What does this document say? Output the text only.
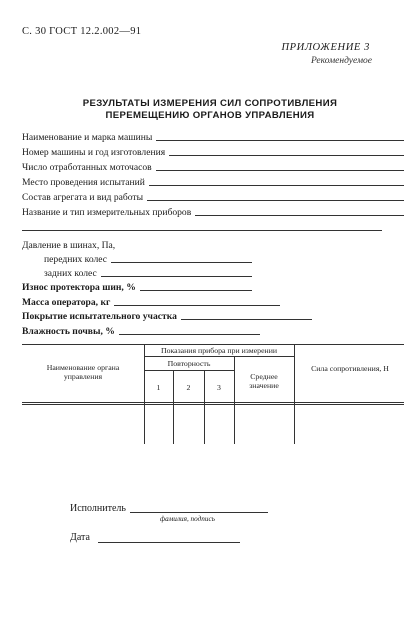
С. 30 ГОСТ 12.2.002—91
ПРИЛОЖЕНИЕ 3
Рекомендуемое
РЕЗУЛЬТАТЫ ИЗМЕРЕНИЯ СИЛ СОПРОТИВЛЕНИЯ
ПЕРЕМЕЩЕНИЮ ОРГАНОВ УПРАВЛЕНИЯ
Наименование и марка машины
Номер машины и год изготовления
Число отработанных моточасов
Место проведения испытаний
Состав агрегата и вид работы
Название и тип измерительных приборов
Давление в шинах, Па,
передних колес
задних колес
Износ протектора шин, %
Масса оператора, кг
Покрытие испытательного участка
Влажность почвы, %
Наименование органа управления
Показания прибора при измерении
Повторность
1	2	3
Среднее значение
Сила сопротивления, Н
Исполнитель
фамилия, подпись
Дата
